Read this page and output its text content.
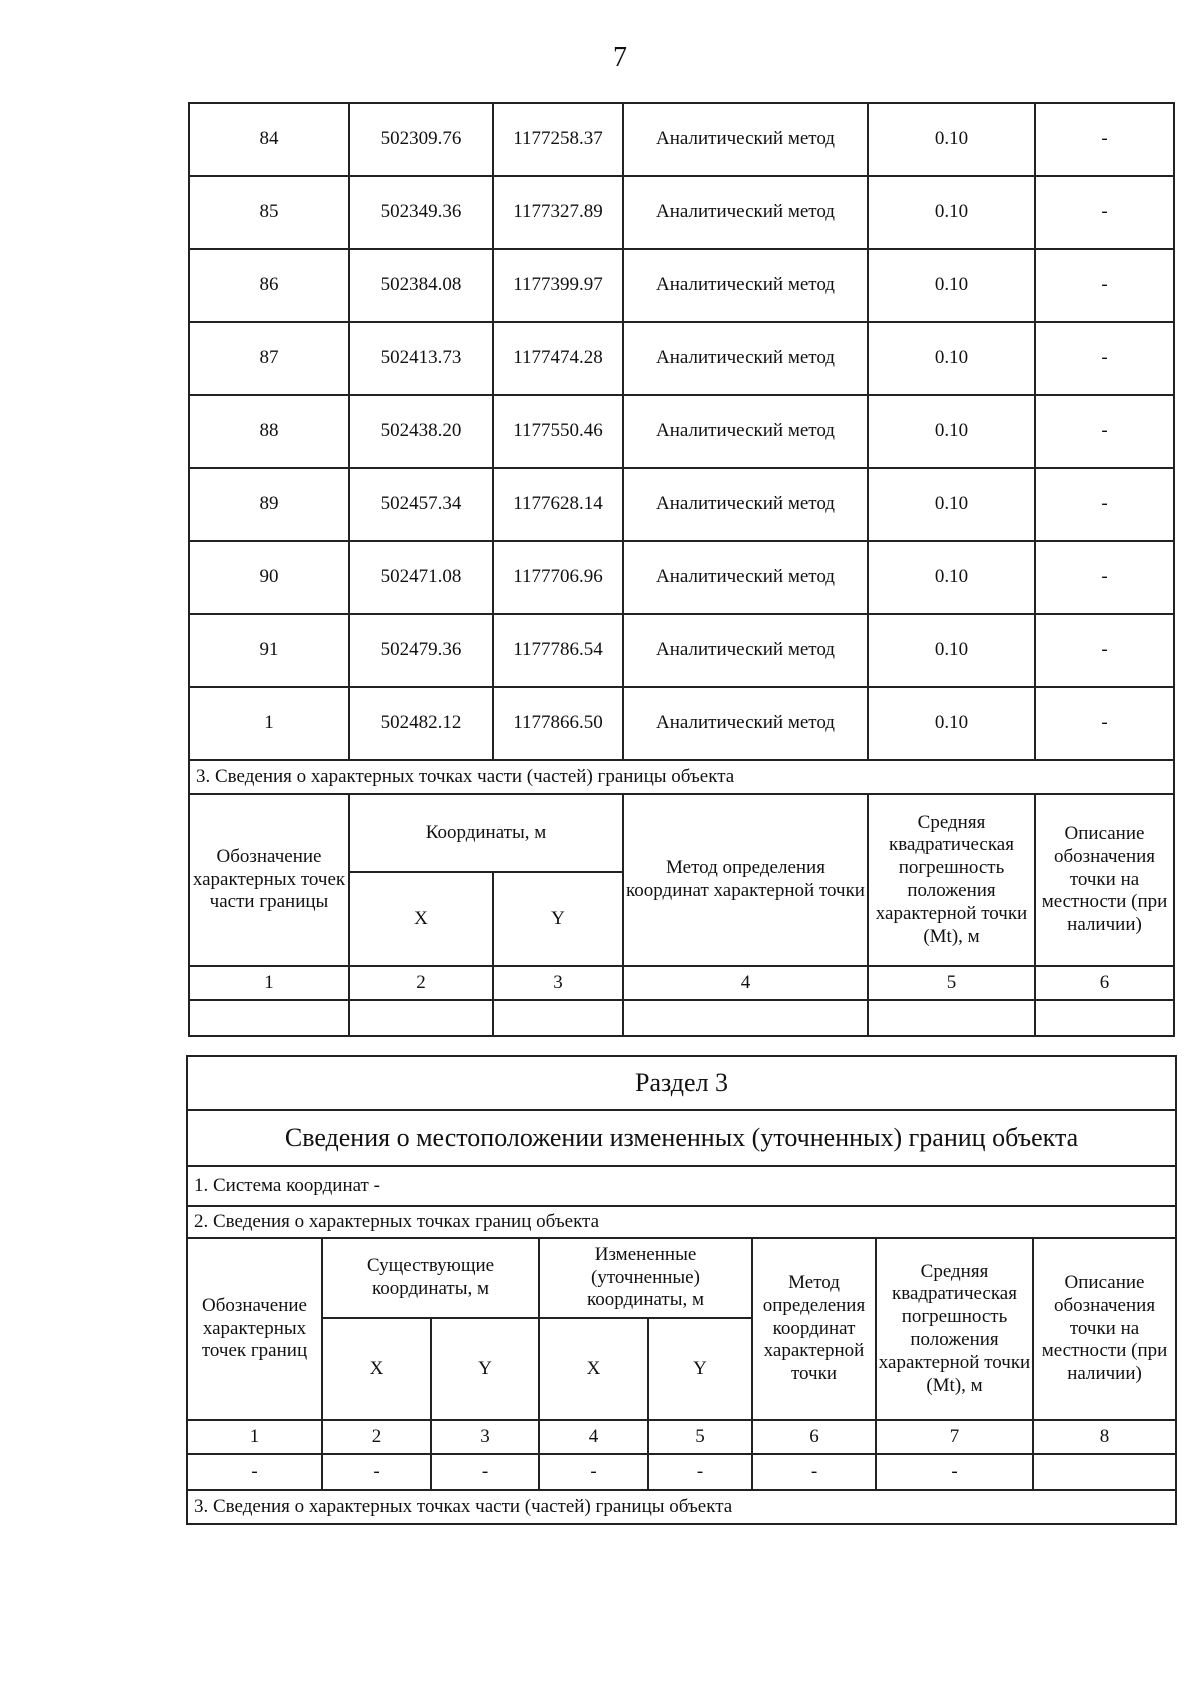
7
84	502309.76	1177258.37	Аналитический метод	0.10	-
85	502349.36	1177327.89	Аналитический метод	0.10	-
86	502384.08	1177399.97	Аналитический метод	0.10	-
87	502413.73	1177474.28	Аналитический метод	0.10	-
88	502438.20	1177550.46	Аналитический метод	0.10	-
89	502457.34	1177628.14	Аналитический метод	0.10	-
90	502471.08	1177706.96	Аналитический метод	0.10	-
91	502479.36	1177786.54	Аналитический метод	0.10	-
1	502482.12	1177866.50	Аналитический метод	0.10	-
3. Сведения о характерных точках части (частей) границы объекта					
Обозначение характерных точек части границы	Координаты, м		Метод определения координат характерной точки	Средняя квадратическая погрешность положения характерной точки (Mt), м	Описание обозначения точки на местности (при наличии)
	X	Y			
1	2	3	4	5	6

Раздел 3							
Сведения о местоположении измененных (уточненных) границ объекта							
1. Система координат -							
2. Сведения о характерных точках границ объекта							
Обозначение характерных точек границ	Существующие координаты, м		Измененные (уточненные) координаты, м		Метод определения координат характерной точки	Средняя квадратическая погрешность положения характерной точки (Mt), м	Описание обозначения точки на местности (при наличии)
	X	Y	X	Y			
1	2	3	4	5	6	7	8
-	-	-	-	-	-	-	
3. Сведения о характерных точках части (частей) границы объекта							
